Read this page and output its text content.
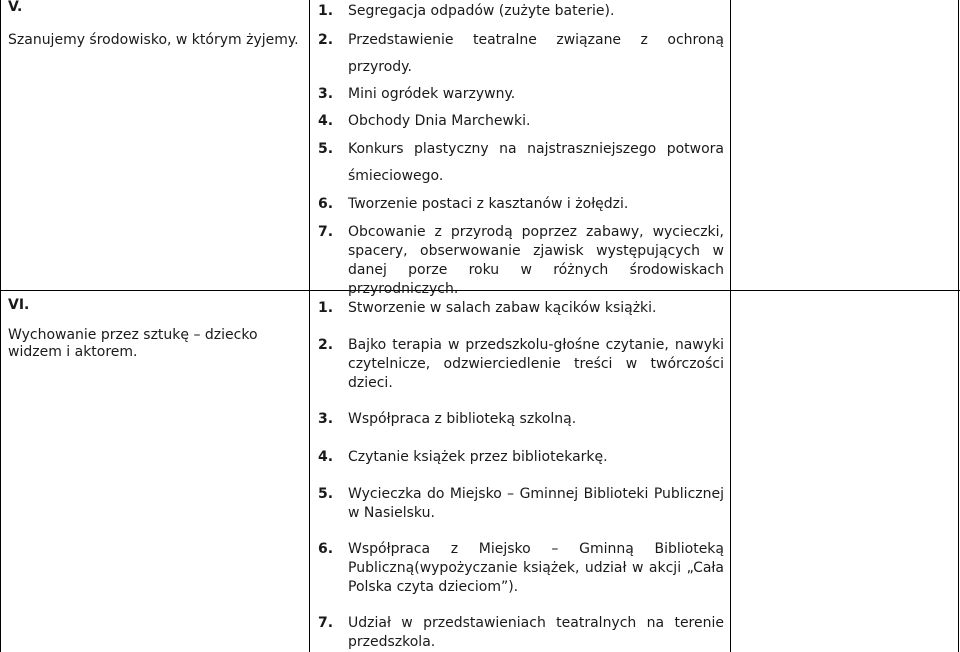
V.
Szanujemy środowisko, w którym żyjemy.
1. Segregacja odpadów (zużyte baterie).
2. Przedstawienie teatralne związane z ochroną przyrody.
3. Mini ogródek warzywny.
4. Obchody Dnia Marchewki.
5. Konkurs plastyczny na najstraszniejszego potwora śmieciowego.
6. Tworzenie postaci z kasztanów i żołędzi.
7. Obcowanie z przyrodą poprzez zabawy, wycieczki, spacery, obserwowanie zjawisk występujących w danej porze roku w różnych środowiskach przyrodniczych.
VI.
Wychowanie przez sztukę – dziecko widzem i aktorem.
1. Stworzenie w salach zabaw kącików książki.
2. Bajko terapia w przedszkolu-głośne czytanie, nawyki czytelnicze, odzwierciedlenie treści w twórczości dzieci.
3. Współpraca z biblioteką szkolną.
4. Czytanie książek przez bibliotekarkę.
5. Wycieczka do Miejsko – Gminnej Biblioteki Publicznej w Nasielsku.
6. Współpraca z Miejsko – Gminną Biblioteką Publiczną(wypożyczanie książek, udział w akcji „Cała Polska czyta dzieciom”).
7. Udział w przedstawieniach teatralnych na terenie przedszkola.
